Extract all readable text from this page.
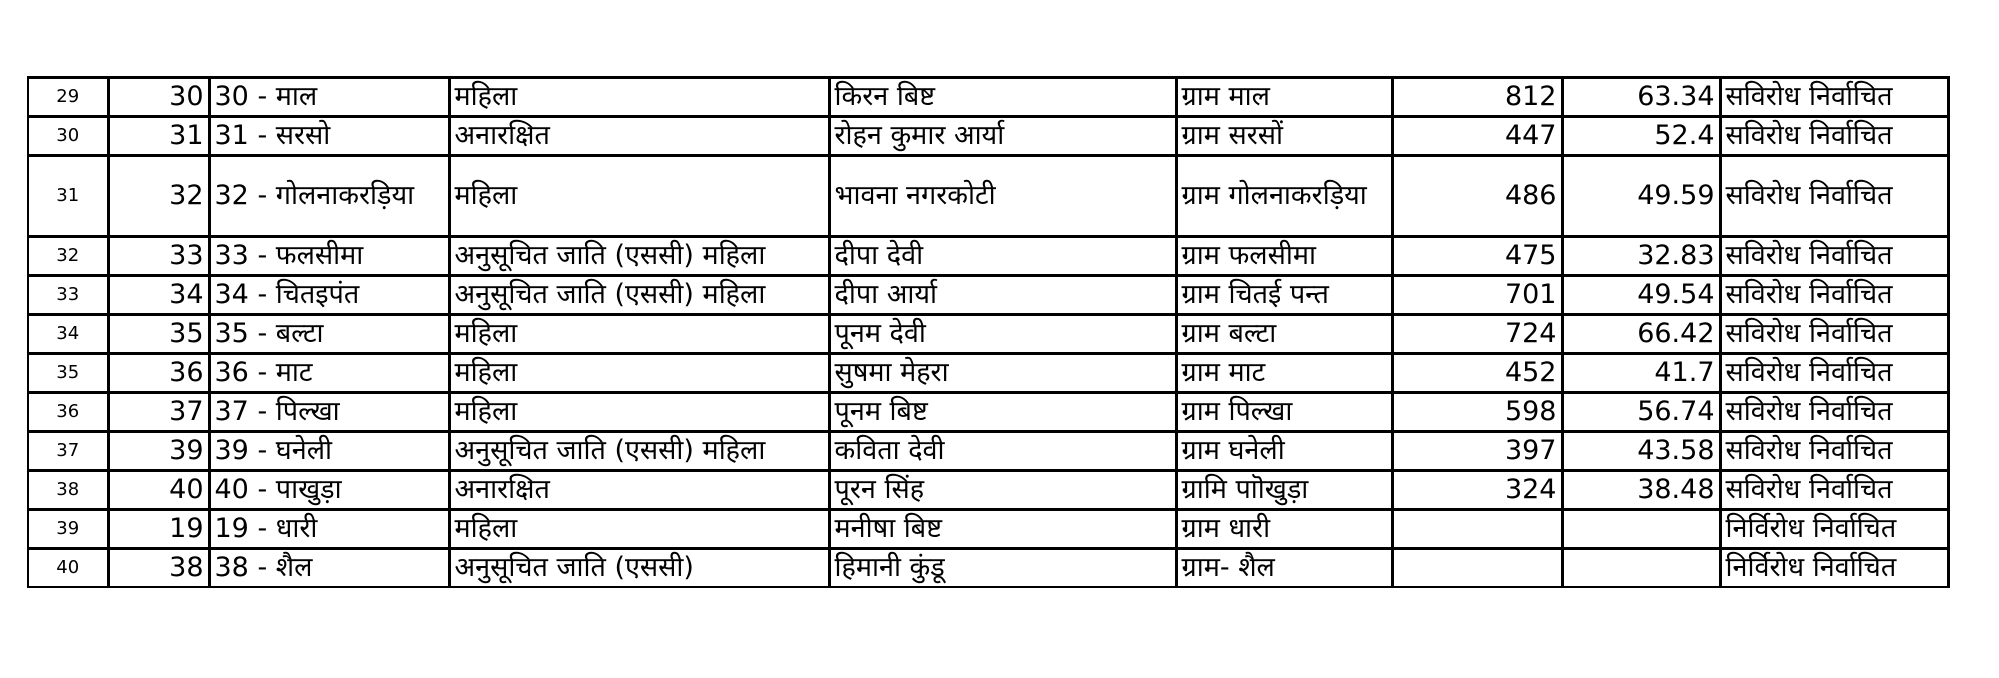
29	30	30 - माल	महिला	किरन बिष्ट	ग्राम माल	812	63.34	सविरोध निर्वाचित
30	31	31 - सरसो	अनारक्षित	रोहन कुमार आर्या	ग्राम सरसों	447	52.4	सविरोध निर्वाचित
31	32	32 - गोलनाकरड़िया	महिला	भावना नगरकोटी	ग्राम गोलनाकरड़िया	486	49.59	सविरोध निर्वाचित
32	33	33 - फलसीमा	अनुसूचित जाति (एससी) महिला	दीपा देवी	ग्राम फलसीमा	475	32.83	सविरोध निर्वाचित
33	34	34 - चितइपंत	अनुसूचित जाति (एससी) महिला	दीपा आर्या	ग्राम चितई पन्त	701	49.54	सविरोध निर्वाचित
34	35	35 - बल्टा	महिला	पूनम देवी	ग्राम बल्टा	724	66.42	सविरोध निर्वाचित
35	36	36 - माट	महिला	सुषमा मेहरा	ग्राम माट	452	41.7	सविरोध निर्वाचित
36	37	37 - पिल्खा	महिला	पूनम बिष्ट	ग्राम पिल्खा	598	56.74	सविरोध निर्वाचित
37	39	39 - घनेली	अनुसूचित जाति (एससी) महिला	कविता देवी	ग्राम घनेली	397	43.58	सविरोध निर्वाचित
38	40	40 - पाखुड़ा	अनारक्षित	पूरन सिंह	ग्रामि पाॊखुड़ा	324	38.48	सविरोध निर्वाचित
39	19	19 - धारी	महिला	मनीषा बिष्ट	ग्राम धारी			निर्विरोध निर्वाचित
40	38	38 - शैल	अनुसूचित जाति (एससी)	हिमानी कुंडू	ग्राम- शैल			निर्विरोध निर्वाचित
